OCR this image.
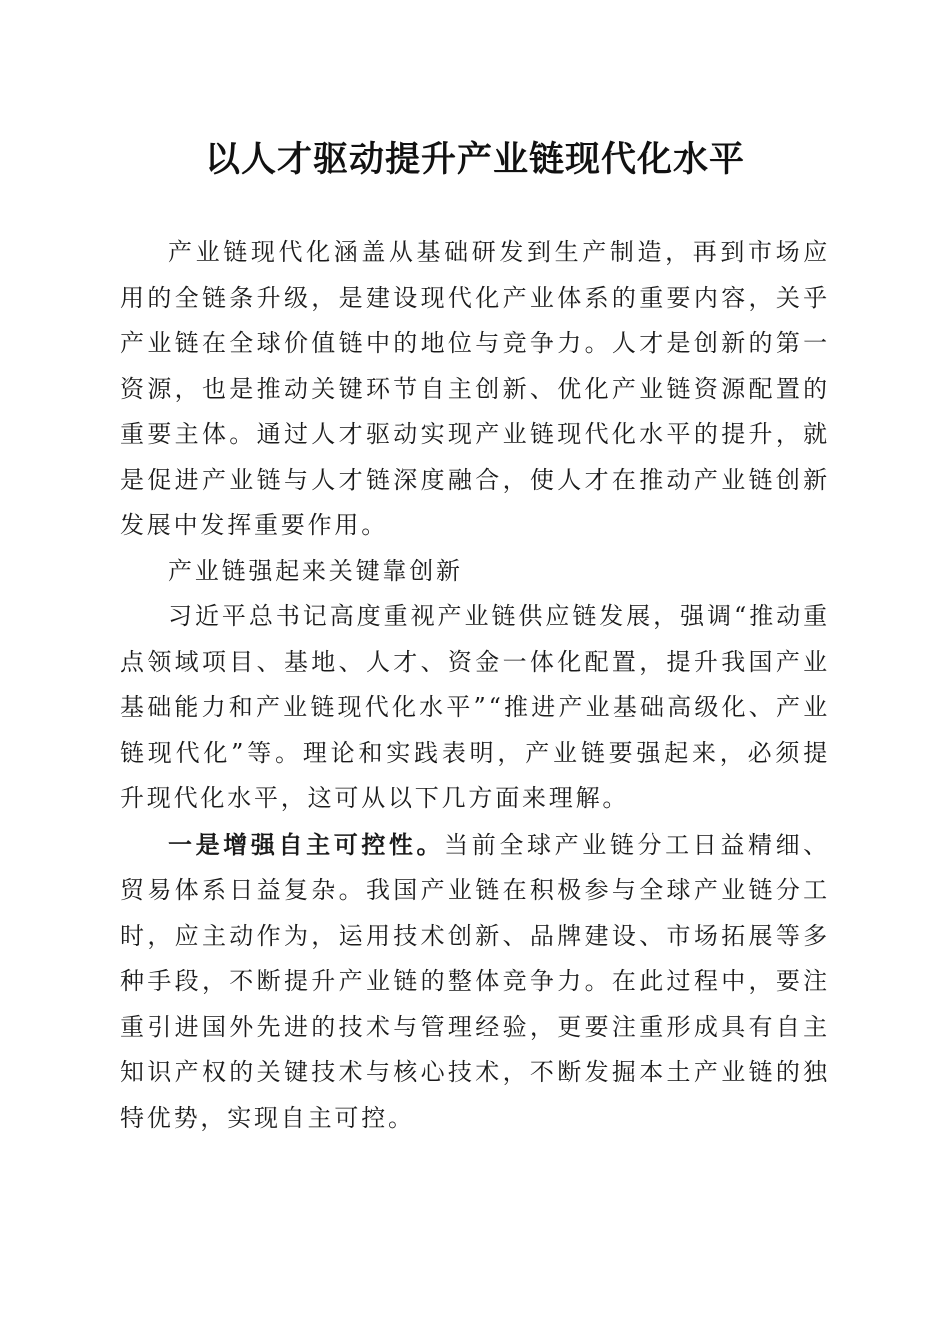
以人才驱动提升产业链现代化水平

产业链现代化涵盖从基础研发到生产制造，再到市场应用的全链条升级，是建设现代化产业体系的重要内容，关乎产业链在全球价值链中的地位与竞争力。人才是创新的第一资源，也是推动关键环节自主创新、优化产业链资源配置的重要主体。通过人才驱动实现产业链现代化水平的提升，就是促进产业链与人才链深度融合，使人才在推动产业链创新发展中发挥重要作用。

产业链强起来关键靠创新

习近平总书记高度重视产业链供应链发展，强调“推动重点领域项目、基地、人才、资金一体化配置，提升我国产业基础能力和产业链现代化水平”“推进产业基础高级化、产业链现代化”等。理论和实践表明，产业链要强起来，必须提升现代化水平，这可从以下几方面来理解。

一是增强自主可控性。当前全球产业链分工日益精细、贸易体系日益复杂。我国产业链在积极参与全球产业链分工时，应主动作为，运用技术创新、品牌建设、市场拓展等多种手段，不断提升产业链的整体竞争力。在此过程中，要注重引进国外先进的技术与管理经验，更要注重形成具有自主知识产权的关键技术与核心技术，不断发掘本土产业链的独特优势，实现自主可控。
